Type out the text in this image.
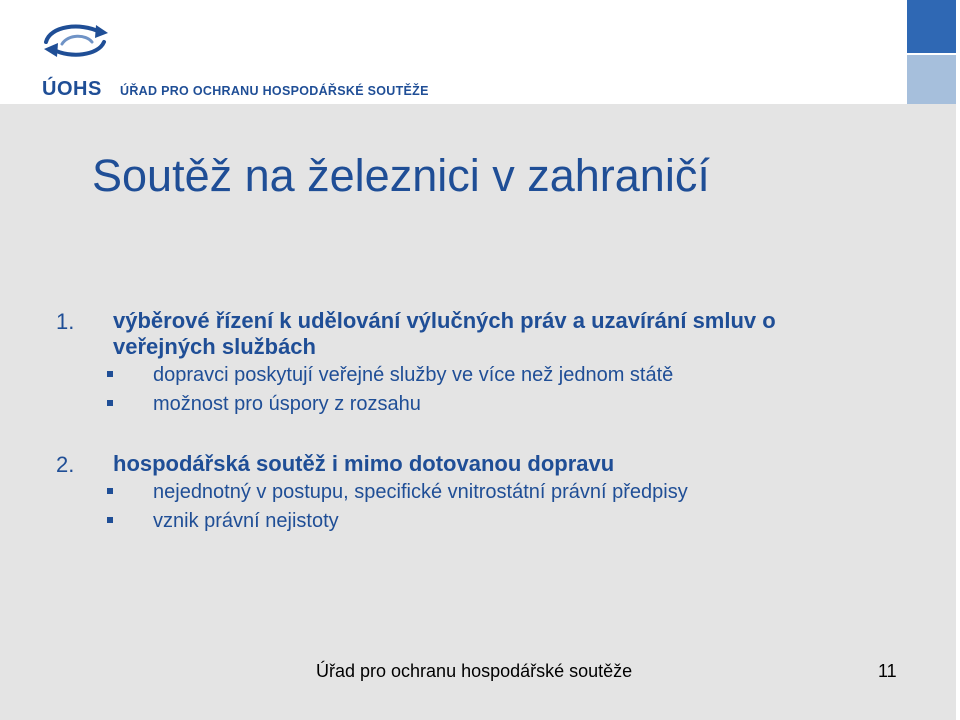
ÚOHS ÚŘAD PRO OCHRANU HOSPODÁŘSKÉ SOUTĚŽE
Soutěž na železnici v zahraničí
1. výběrové řízení k udělování výlučných práv a uzavírání smluv o
veřejných službách
dopravci poskytují veřejné služby ve více než jednom státě
možnost pro úspory z rozsahu
2. hospodářská soutěž i mimo dotovanou dopravu
nejednotný v postupu, specifické vnitrostátní právní předpisy
vznik právní nejistoty
Úřad pro ochranu hospodářské soutěže	11
